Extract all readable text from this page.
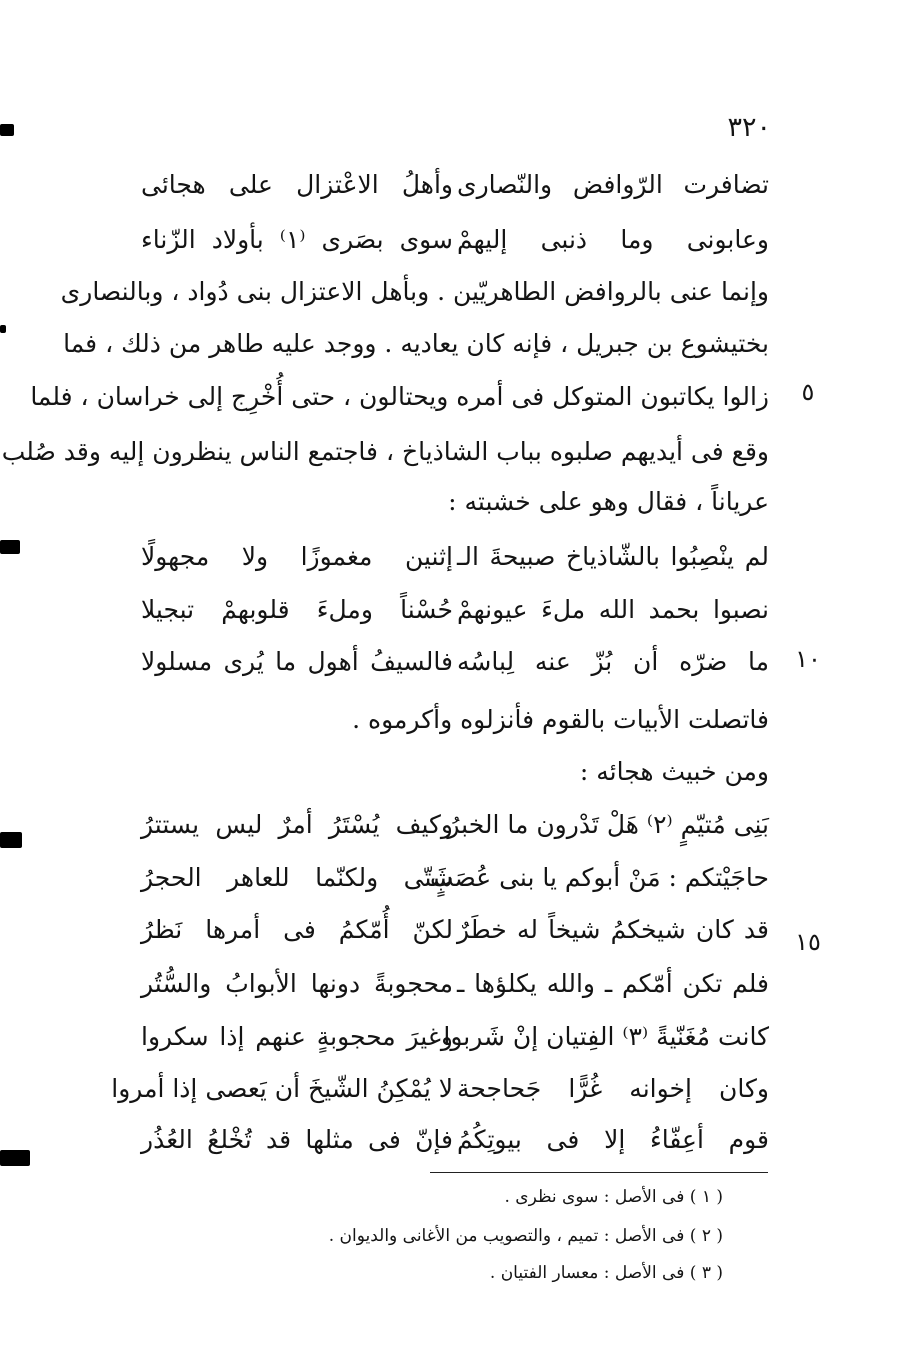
٣٢٠
تضافرت الرّوافض والنّصارى
وأهلُ الاعْتزال على هجائى
وعابونى وما ذنبى إليهمْ
سوى بصَرى ⁽١⁾ بأولاد الزّناء
وإنما عنى بالروافض الطاهريّين . وبأهل الاعتزال بنى دُواد ، وبالنصارى
بختيشوع بن جبريل ، فإنه كان يعاديه . ووجد عليه طاهر من ذلك ، فما
زالوا يكاتبون المتوكل فى أمره ويحتالون ، حتى أُخْرِج إلى خراسان ، فلما
وقع فى أيديهم صلبوه بباب الشاذياخ ، فاجتمع الناس ينظرون إليه وقد صُلب
عرياناً ، فقال وهو على خشبته :
لم ينْصِبُوا بالشّاذياخ صبيحةَ الـ
إثنين مغموزًا ولا مجهولًا
نصبوا بحمد الله ملءَ عيونهمْ
حُسْناً وملءَ قلوبهمْ تبجيلا
ما ضرّه أن بُزّ عنه لِباسُه
فالسيفُ أهول ما يُرى مسلولا
فاتصلت الأبيات بالقوم فأنزلوه وأكرموه .
ومن خبيث هجائه :
بَنِى مُتيّمٍ ⁽٢⁾ هَلْ تَدْرون ما الخبرُ
وكيف يُسْتَرُ أمرٌ ليس يستترُ
حاجَيْتكم : مَنْ أبوكم يا بنى عُصَبٍ
شَتّى ولكنّما للعاهر الحجرُ
قد كان شيخكمُ شيخاً له خطَرٌ
لكنّ أُمّكمُ فى أمرها نَظرُ
فلم تكن أمّكم ـ والله يكلؤها ـ
محجوبةً دونها الأبوابُ والسُّتُر
كانت مُغَنّيةً ⁽٣⁾ الفِتيان إنْ شَربوا
وغيرَ محجوبةٍ عنهم إذا سكروا
وكان إخوانه غُرًّا جَحاجحة
لا يُمْكِنُ الشّيخَ أن يَعصى إذا أمروا
قوم أعِفّاءُ إلا فى بيوتِكُمُ
فإنّ فى مثلها قد تُخْلعُ العُذُر
٥
١٠
١٥
( ١ ) فى الأصل : سوى نظرى .
( ٢ ) فى الأصل : تميم ، والتصويب من الأغانى والديوان .
( ٣ ) فى الأصل : معسار الفتيان .
